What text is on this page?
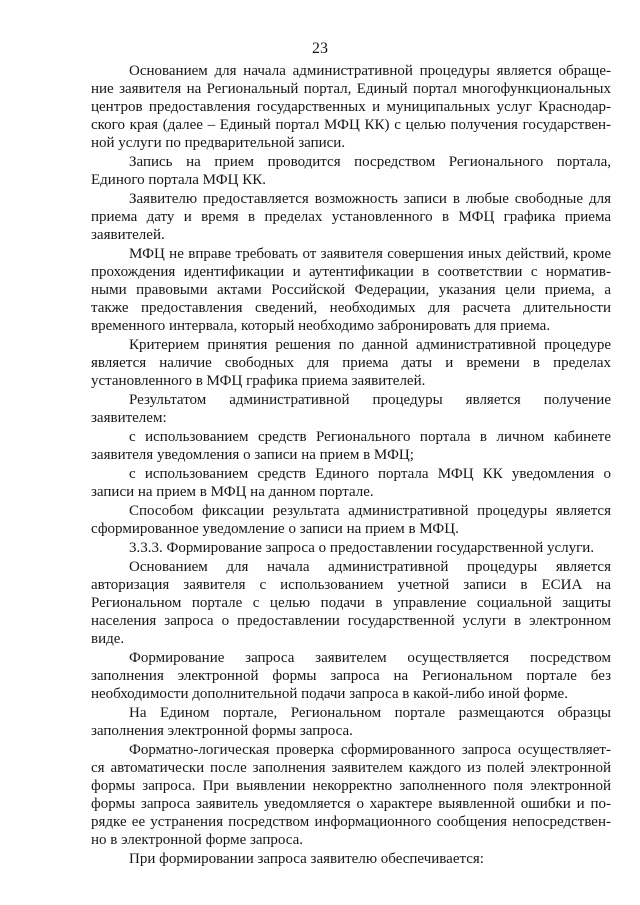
23
Основанием для начала административной процедуры является обраще-
ние заявителя на Региональный портал, Единый портал многофункциональных
центров предоставления государственных и муниципальных услуг Краснодар-
ского края (далее – Единый портал МФЦ КК) с целью получения государствен-
ной услуги по предварительной записи.
Запись на прием проводится посредством Регионального портала,
Единого портала МФЦ КК.
Заявителю предоставляется возможность записи в любые свободные для
приема дату и время в пределах установленного в МФЦ графика приема
заявителей.
МФЦ не вправе требовать от заявителя совершения иных действий, кроме
прохождения идентификации и аутентификации в соответствии с норматив-
ными правовыми актами Российской Федерации, указания цели приема, а
также предоставления сведений, необходимых для расчета длительности
временного интервала, который необходимо забронировать для приема.
Критерием принятия решения по данной административной процедуре
является наличие свободных для приема даты и времени в пределах
установленного в МФЦ графика приема заявителей.
Результатом административной процедуры является получение
заявителем:
с использованием средств Регионального портала в личном кабинете
заявителя уведомления о записи на прием в МФЦ;
с использованием средств Единого портала МФЦ КК уведомления о
записи на прием в МФЦ на данном портале.
Способом фиксации результата административной процедуры является
сформированное уведомление о записи на прием в МФЦ.
3.3.3. Формирование запроса о предоставлении государственной услуги.
Основанием для начала административной процедуры является
авторизация заявителя с использованием учетной записи в ЕСИА на
Региональном портале с целью подачи в управление социальной защиты
населения запроса о предоставлении государственной услуги в электронном
виде.
Формирование запроса заявителем осуществляется посредством
заполнения электронной формы запроса на Региональном портале без
необходимости дополнительной подачи запроса в какой-либо иной форме.
На Едином портале, Региональном портале размещаются образцы
заполнения электронной формы запроса.
Форматно-логическая проверка сформированного запроса осуществляет-
ся автоматически после заполнения заявителем каждого из полей электронной
формы запроса. При выявлении некорректно заполненного поля электронной
формы запроса заявитель уведомляется о характере выявленной ошибки и по-
рядке ее устранения посредством информационного сообщения непосредствен-
но в электронной форме запроса.
При формировании запроса заявителю обеспечивается:
